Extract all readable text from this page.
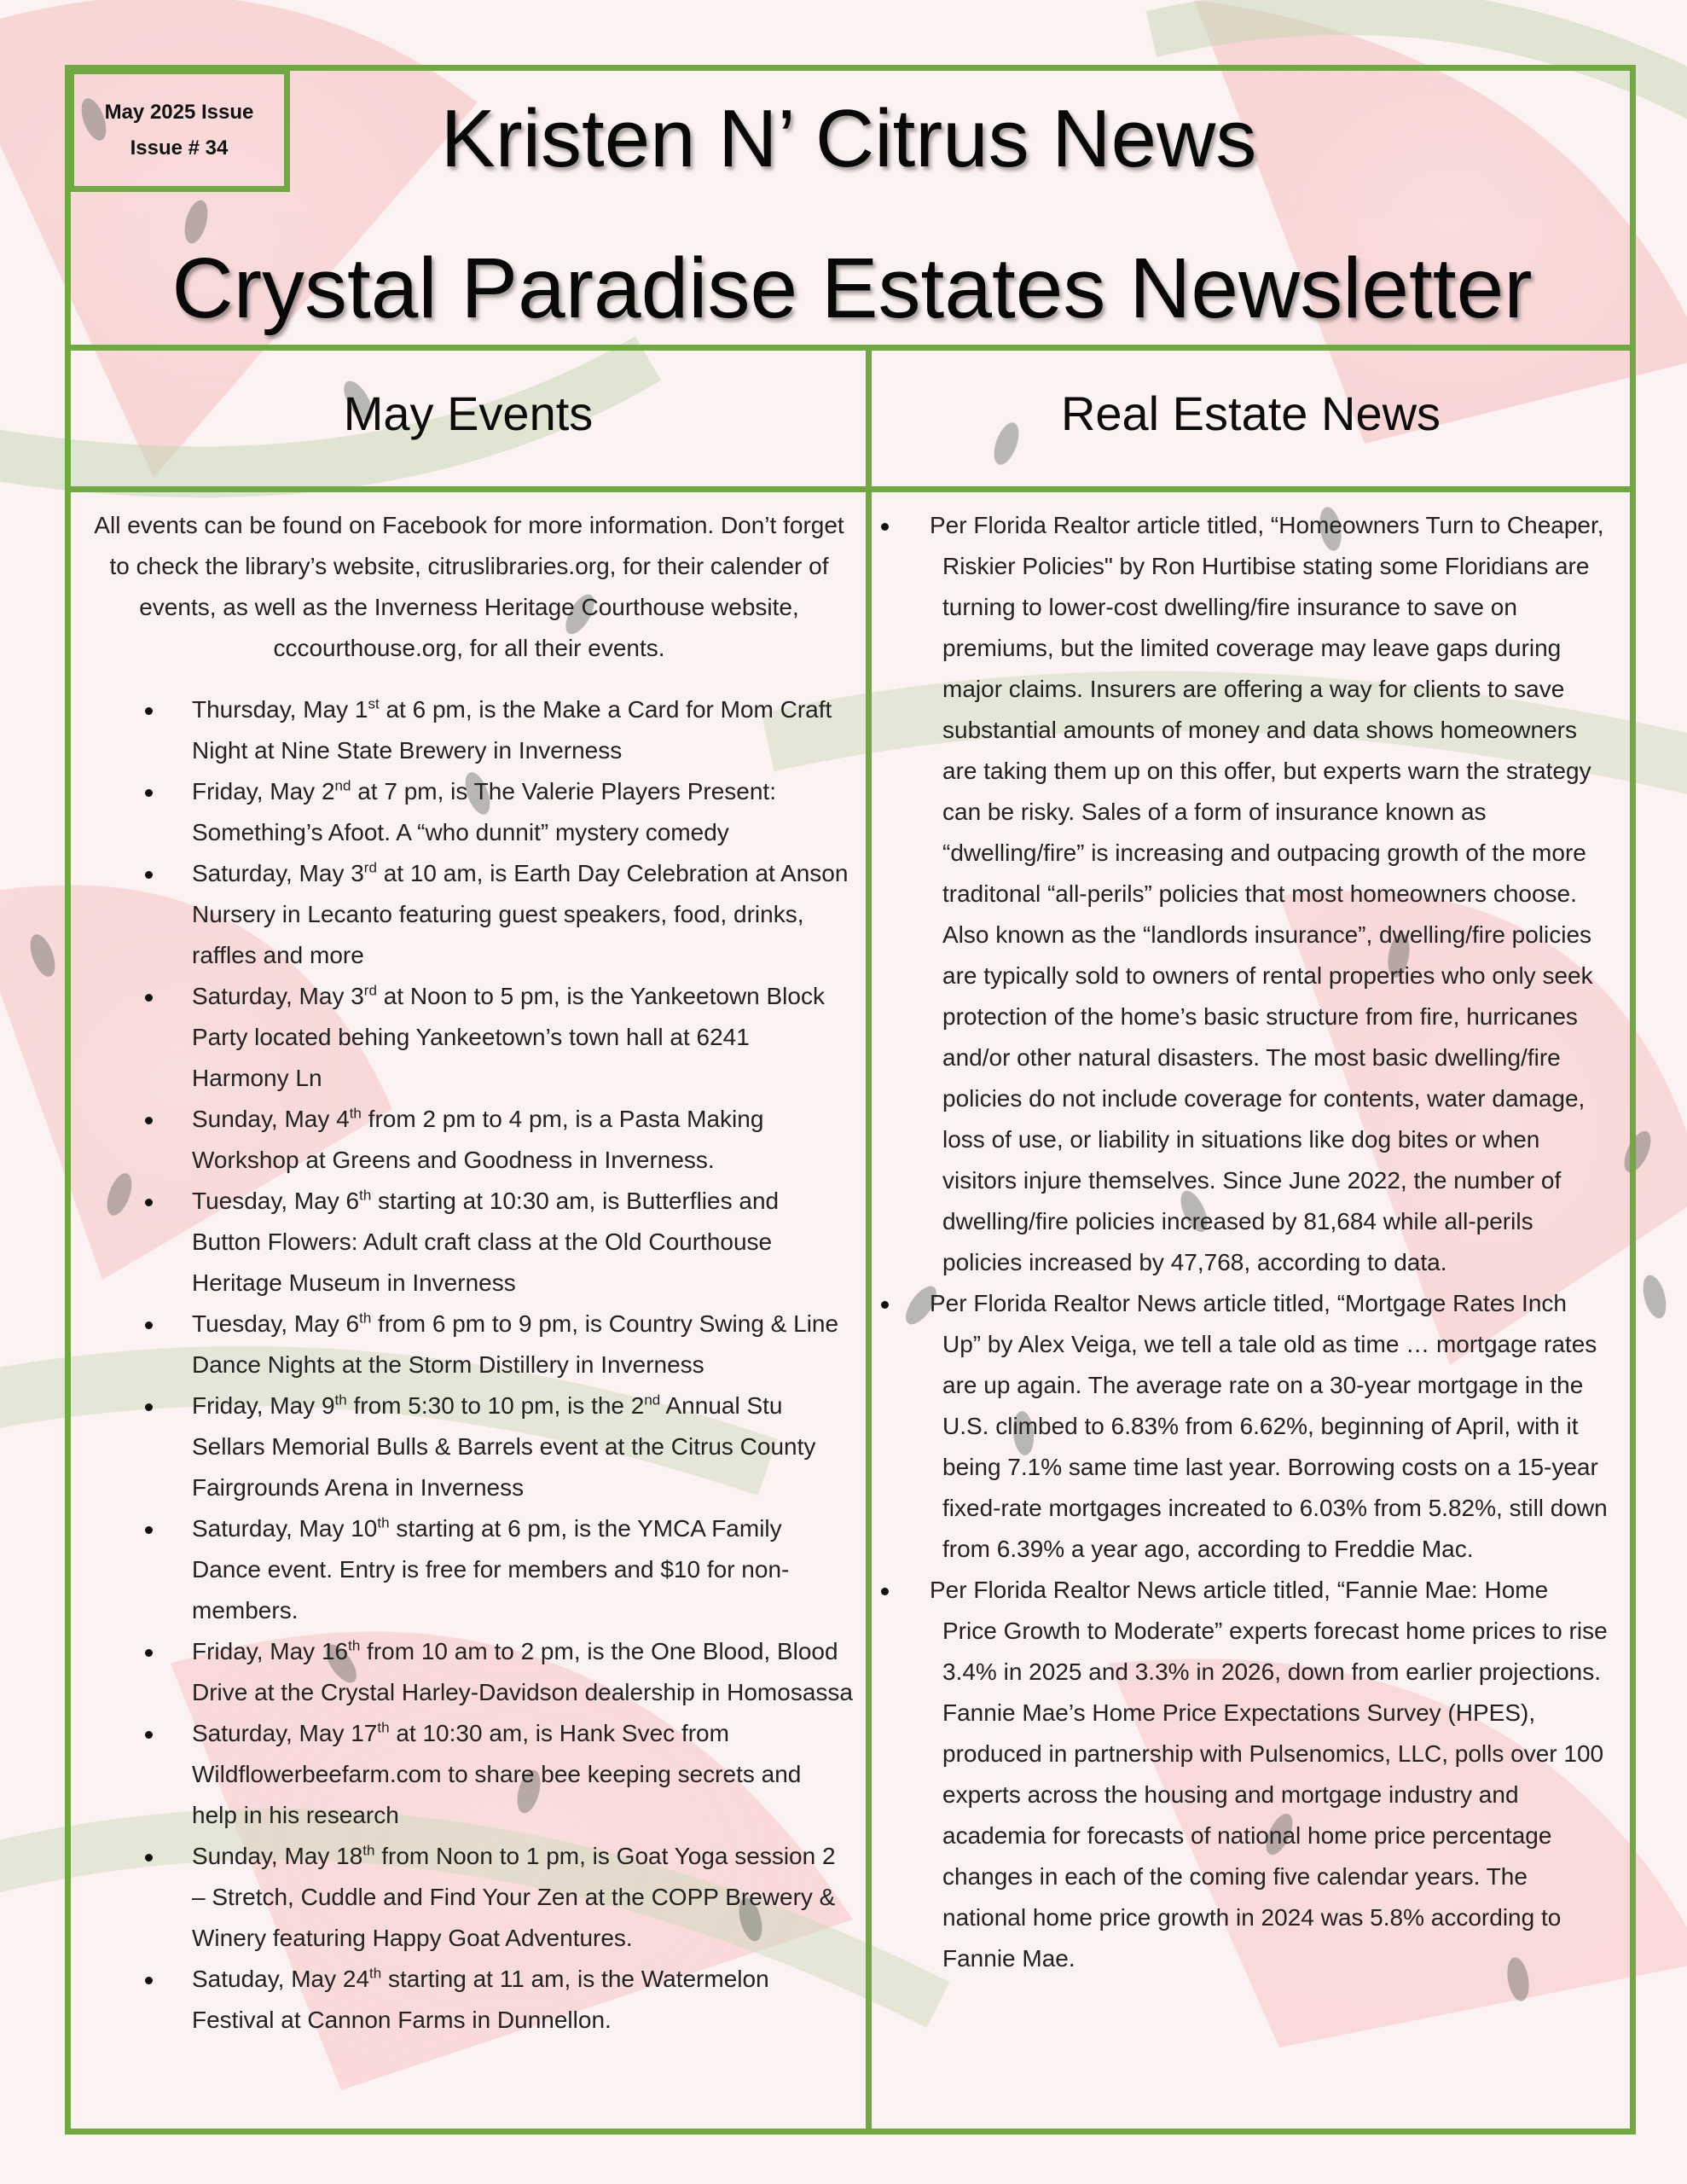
May 2025 Issue
Issue # 34	Kristen N’ Citrus News
Crystal Paradise Estates Newsletter
May Events	Real Estate News
All events can be found on Facebook for more information. Don’t forget to check the library’s website, citruslibraries.org, for their calender of events, as well as the Inverness Heritage Courthouse website, cccourthouse.org, for all their events.
Thursday, May 1st at 6 pm, is the Make a Card for Mom Craft Night at Nine State Brewery in Inverness
Friday, May 2nd at 7 pm, is The Valerie Players Present: Something’s Afoot. A “who dunnit” mystery comedy
Saturday, May 3rd at 10 am, is Earth Day Celebration at Anson Nursery in Lecanto featuring guest speakers, food, drinks, raffles and more
Saturday, May 3rd at Noon to 5 pm, is the Yankeetown Block Party located behing Yankeetown’s town hall at 6241 Harmony Ln
Sunday, May 4th from 2 pm to 4 pm, is a Pasta Making Workshop at Greens and Goodness in Inverness.
Tuesday, May 6th starting at 10:30 am, is Butterflies and Button Flowers: Adult craft class at the Old Courthouse Heritage Museum in Inverness
Tuesday, May 6th from 6 pm to 9 pm, is Country Swing & Line Dance Nights at the Storm Distillery in Inverness
Friday, May 9th from 5:30 to 10 pm, is the 2nd Annual Stu Sellars Memorial Bulls & Barrels event at the Citrus County Fairgrounds Arena in Inverness
Saturday, May 10th starting at 6 pm, is the YMCA Family Dance event. Entry is free for members and $10 for non-members.
Friday, May 16th from 10 am to 2 pm, is the One Blood, Blood Drive at the Crystal Harley-Davidson dealership in Homosassa
Saturday, May 17th at 10:30 am, is Hank Svec from Wildflowerbeefarm.com to share bee keeping secrets and help in his research
Sunday, May 18th from Noon to 1 pm, is Goat Yoga session 2 – Stretch, Cuddle and Find Your Zen at the COPP Brewery & Winery featuring Happy Goat Adventures.
Satuday, May 24th starting at 11 am, is the Watermelon Festival at Cannon Farms in Dunnellon.
Per Florida Realtor article titled, “Homeowners Turn to Cheaper, Riskier Policies" by Ron Hurtibise stating some Floridians are turning to lower-cost dwelling/fire insurance to save on premiums, but the limited coverage may leave gaps during major claims. Insurers are offering a way for clients to save substantial amounts of money and data shows homeowners are taking them up on this offer, but experts warn the strategy can be risky. Sales of a form of insurance known as “dwelling/fire” is increasing and outpacing growth of the more traditonal “all-perils” policies that most homeowners choose. Also known as the “landlords insurance”, dwelling/fire policies are typically sold to owners of rental properties who only seek protection of the home’s basic structure from fire, hurricanes and/or other natural disasters. The most basic dwelling/fire policies do not include coverage for contents, water damage, loss of use, or liability in situations like dog bites or when visitors injure themselves. Since June 2022, the number of dwelling/fire policies increased by 81,684 while all-perils policies increased by 47,768, according to data.
Per Florida Realtor News article titled, “Mortgage Rates Inch Up” by Alex Veiga, we tell a tale old as time … mortgage rates are up again. The average rate on a 30-year mortgage in the U.S. climbed to 6.83% from 6.62%, beginning of April, with it being 7.1% same time last year. Borrowing costs on a 15-year fixed-rate mortgages increated to 6.03% from 5.82%, still down from 6.39% a year ago, according to Freddie Mac.
Per Florida Realtor News article titled, “Fannie Mae: Home Price Growth to Moderate” experts forecast home prices to rise 3.4% in 2025 and 3.3% in 2026, down from earlier projections. Fannie Mae’s Home Price Expectations Survey (HPES), produced in partnership with Pulsenomics, LLC, polls over 100 experts across the housing and mortgage industry and academia for forecasts of national home price percentage changes in each of the coming five calendar years. The national home price growth in 2024 was 5.8% according to Fannie Mae.
